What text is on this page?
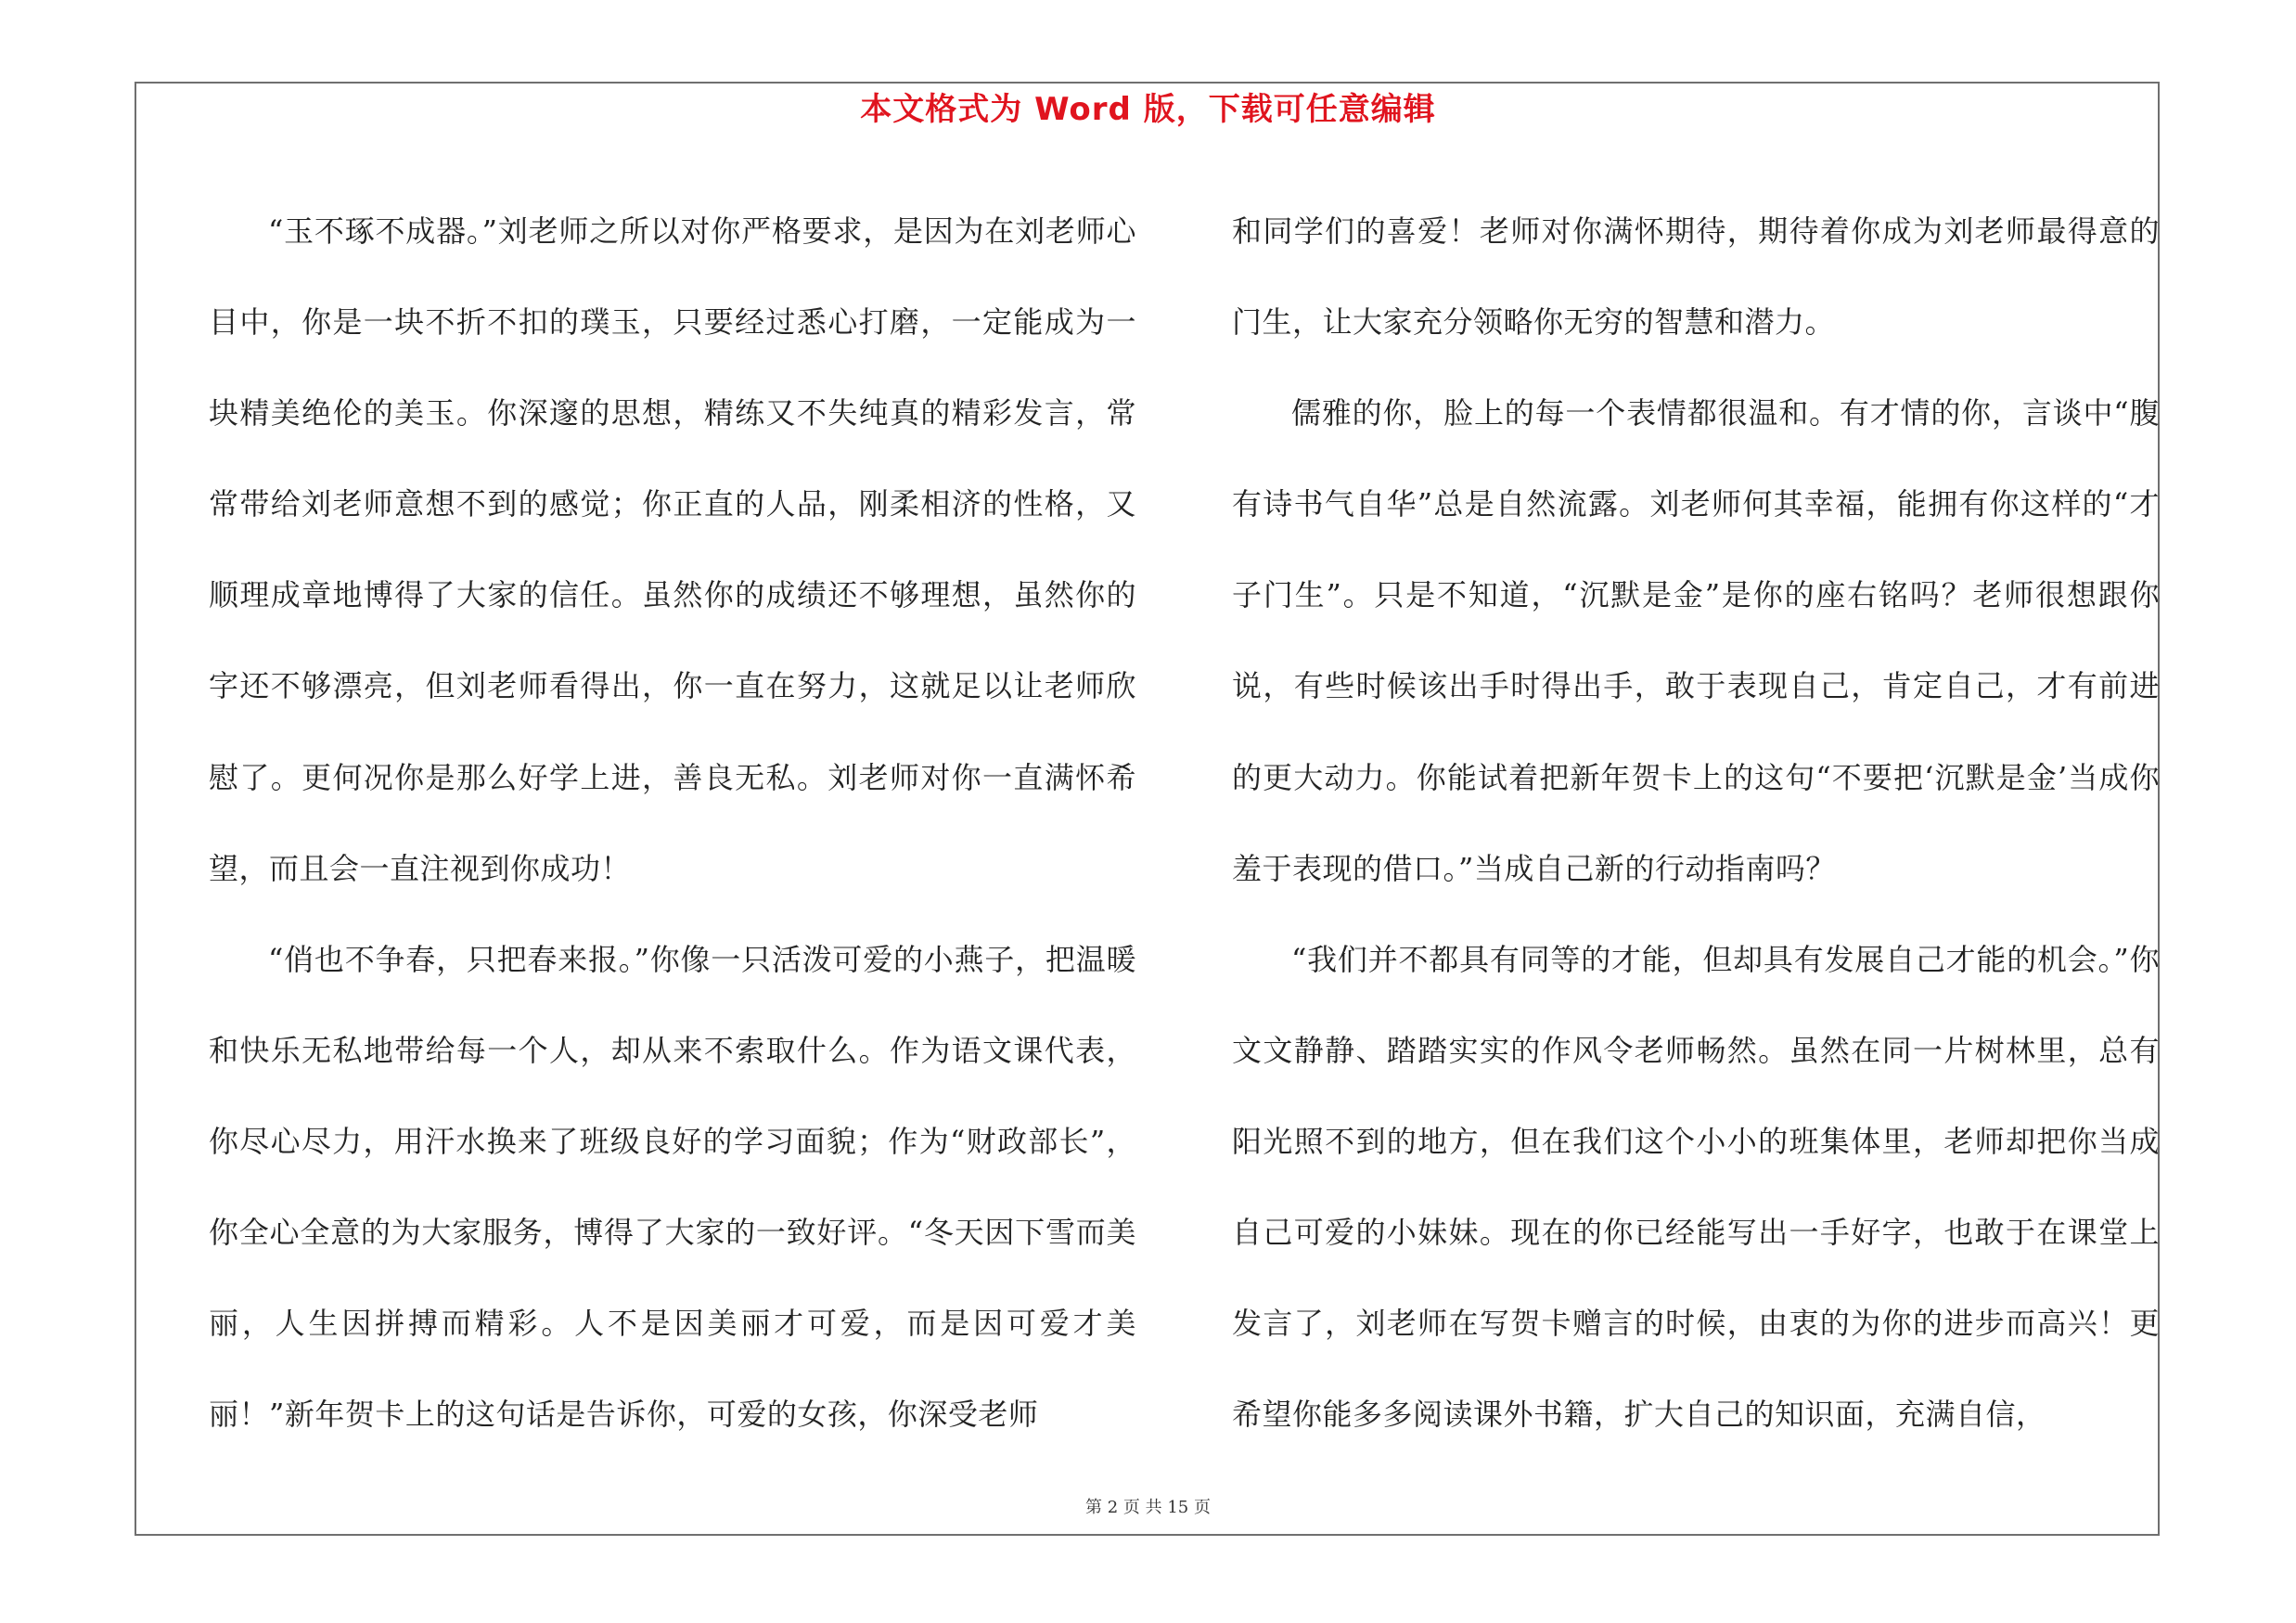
本文格式为 Word 版，下载可任意编辑

“玉不琢不成器。”刘老师之所以对你严格要求，是因为在刘老师心目中，你是一块不折不扣的璞玉，只要经过悉心打磨，一定能成为一块精美绝伦的美玉。你深邃的思想，精练又不失纯真的精彩发言，常常带给刘老师意想不到的感觉；你正直的人品，刚柔相济的性格，又顺理成章地博得了大家的信任。虽然你的成绩还不够理想，虽然你的字还不够漂亮，但刘老师看得出，你一直在努力，这就足以让老师欣慰了。更何况你是那么好学上进，善良无私。刘老师对你一直满怀希望，而且会一直注视到你成功！

“俏也不争春，只把春来报。”你像一只活泼可爱的小燕子，把温暖和快乐无私地带给每一个人，却从来不索取什么。作为语文课代表，你尽心尽力，用汗水换来了班级良好的学习面貌；作为“财政部长”，你全心全意的为大家服务，博得了大家的一致好评。“冬天因下雪而美丽，人生因拼搏而精彩。人不是因美丽才可爱，而是因可爱才美丽！”新年贺卡上的这句话是告诉你，可爱的女孩，你深受老师

和同学们的喜爱！老师对你满怀期待，期待着你成为刘老师最得意的门生，让大家充分领略你无穷的智慧和潜力。

儒雅的你，脸上的每一个表情都很温和。有才情的你，言谈中“腹有诗书气自华”总是自然流露。刘老师何其幸福，能拥有你这样的“才子门生”。只是不知道，“沉默是金”是你的座右铭吗？老师很想跟你说，有些时候该出手时得出手，敢于表现自己，肯定自己，才有前进的更大动力。你能试着把新年贺卡上的这句“不要把‘沉默是金’当成你羞于表现的借口。”当成自己新的行动指南吗？

“我们并不都具有同等的才能，但却具有发展自己才能的机会。”你文文静静、踏踏实实的作风令老师畅然。虽然在同一片树林里，总有阳光照不到的地方，但在我们这个小小的班集体里，老师却把你当成自己可爱的小妹妹。现在的你已经能写出一手好字，也敢于在课堂上发言了，刘老师在写贺卡赠言的时候，由衷的为你的进步而高兴！更希望你能多多阅读课外书籍，扩大自己的知识面，充满自信，

第 2 页 共 15 页
